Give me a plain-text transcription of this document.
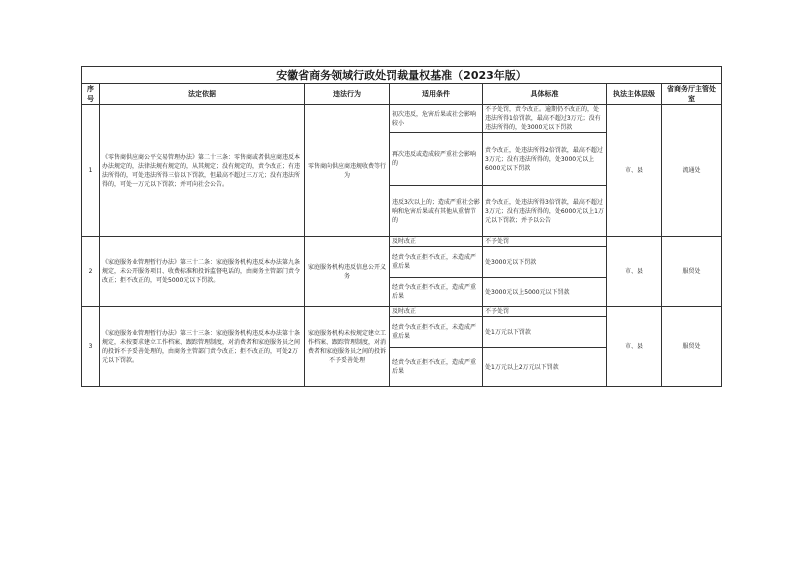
安徽省商务领域行政处罚裁量权基准（2023年版）						
序号	法定依据	违法行为	适用条件	具体标准	执法主体层级	省商务厅主管处室
1	《零售商供应商公平交易管理办法》第二十三条：零售商或者供应商违反本办法规定的，法律法规有规定的，从其规定；没有规定的，责令改正；有违法所得的，可处违法所得三倍以下罚款，但最高不超过三万元；没有违法所得的，可处一万元以下罚款；并可向社会公告。	零售商向供应商违规收费等行为	初次违反，危害后果或社会影响较小	不予处罚，责令改正。逾期仍不改正的，处违法所得1倍罚款，最高不超过3万元；没有违法所得的，处3000元以下罚款	市、县	流通处
			再次违反或造成较严重社会影响的	责令改正，处违法所得2倍罚款，最高不超过3万元；没有违法所得的，处3000元以上6000元以下罚款		
			违反3次以上的；造成严重社会影响和危害后果或有其他从重情节的	责令改正，处违法所得3倍罚款，最高不超过3万元；没有违法所得的，处6000元以上1万元以下罚款；并予以公告		
2	《家庭服务业管理暂行办法》第三十二条：家庭服务机构违反本办法第九条规定，未公开服务项目、收费标准和投诉监督电话的，由商务主管部门责令改正；拒不改正的，可处5000元以下罚款。	家庭服务机构违反信息公开义务	及时改正	不予处罚	市、县	服贸处
			经责令改正拒不改正，未造成严重后果	处3000元以下罚款		
			经责令改正拒不改正，造成严重后果	处3000元以上5000元以下罚款		
3	《家庭服务业管理暂行办法》第三十三条：家庭服务机构违反本办法第十条规定，未按要求建立工作档案、跟踪管理制度，对消费者和家庭服务员之间的投诉不予妥善处理的，由商务主管部门责令改正；拒不改正的，可处2万元以下罚款。	家庭服务机构未按规定建立工作档案、跟踪管理制度，对消费者和家庭服务员之间的投诉不予妥善处理	及时改正	不予处罚	市、县	服贸处
			经责令改正拒不改正，未造成严重后果	处1万元以下罚款		
			经责令改正拒不改正，造成严重后果	处1万元以上2万元以下罚款		
